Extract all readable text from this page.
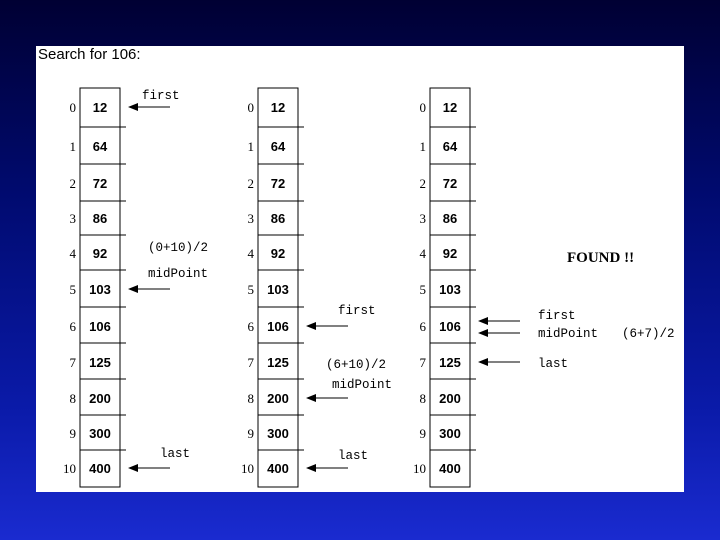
Search for 106:
0 12
1 64
2 72
3 86
4 92
5 103
6 106
7 125
8 200
9 300
10 400
first
midPoint
last
(0+10)/2
0 12
1 64
2 72
3 86
4 92
5 103
6 106
7 125
8 200
9 300
10 400
first
midPoint
last
(6+10)/2
0 12
1 64
2 72
3 86
4 92
5 103
6 106
7 125
8 200
9 300
10 400
first
midPoint
last
(6+7)/2
FOUND !!
